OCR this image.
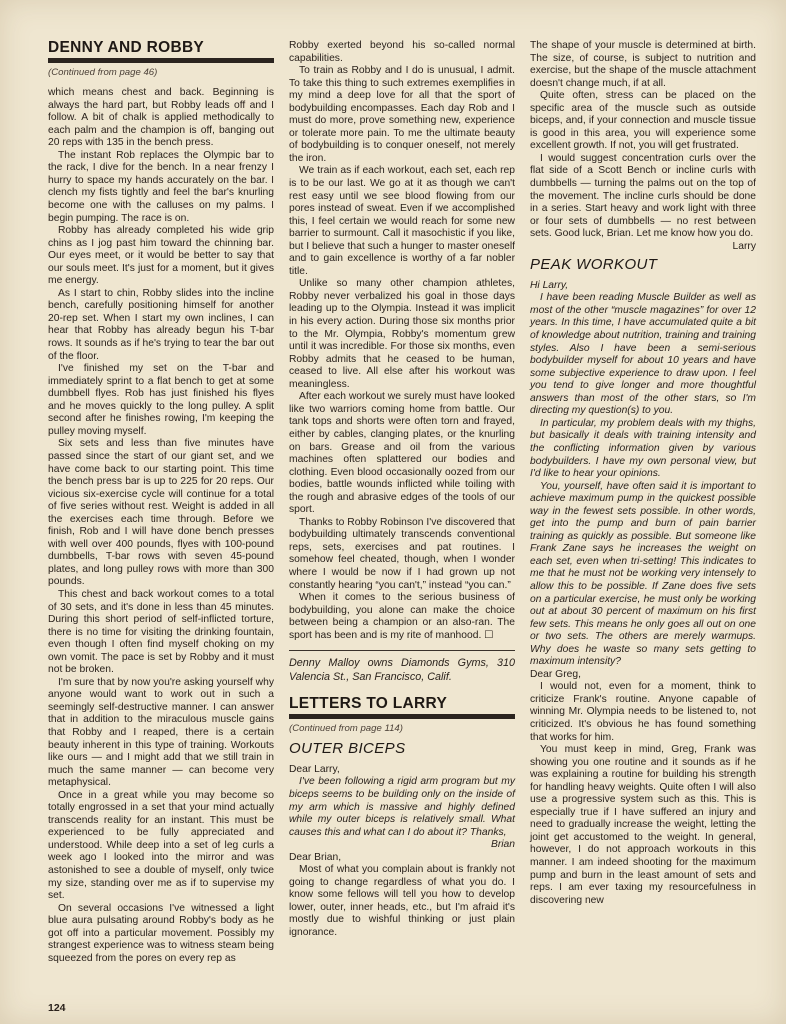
DENNY AND ROBBY
(Continued from page 46)

which means chest and back. Beginning is always the hard part, but Robby leads off and I follow. A bit of chalk is applied methodically to each palm and the champion is off, banging out 20 reps with 135 in the bench press.

The instant Rob replaces the Olympic bar to the rack, I dive for the bench. In a near frenzy I hurry to space my hands accurately on the bar. I clench my fists tightly and feel the bar's knurling become one with the calluses on my palms. I begin pumping. The race is on.

Robby has already completed his wide grip chins as I jog past him toward the chinning bar. Our eyes meet, or it would be better to say that our souls meet. It's just for a moment, but it gives me energy.

As I start to chin, Robby slides into the incline bench, carefully positioning himself for another 20-rep set. When I start my own inclines, I can hear that Robby has already begun his T-bar rows. It sounds as if he's trying to tear the bar out of the floor.

I've finished my set on the T-bar and immediately sprint to a flat bench to get at some dumbbell flyes. Rob has just finished his flyes and he moves quickly to the long pulley. A split second after he finishes rowing, I'm keeping the pulley moving myself.

Six sets and less than five minutes have passed since the start of our giant set, and we have come back to our starting point. This time the bench press bar is up to 225 for 20 reps. Our vicious six-exercise cycle will continue for a total of five series without rest. Weight is added in all the exercises each time through. Before we finish, Rob and I will have done bench presses with well over 400 pounds, flyes with 100-pound dumbbells, T-bar rows with seven 45-pound plates, and long pulley rows with more than 300 pounds.

This chest and back workout comes to a total of 30 sets, and it's done in less than 45 minutes. During this short period of self-inflicted torture, there is no time for visiting the drinking fountain, even though I often find myself choking on my own vomit. The pace is set by Robby and it must not be broken.

I'm sure that by now you're asking yourself why anyone would want to work out in such a seemingly self-destructive manner. I can answer that in addition to the miraculous muscle gains that Robby and I reaped, there is a certain beauty inherent in this type of training. Workouts like ours — and I might add that we still train in much the same manner — can become very metaphysical.

Once in a great while you may become so totally engrossed in a set that your mind actually transcends reality for an instant. This must be experienced to be fully appreciated and understood. While deep into a set of leg curls a week ago I looked into the mirror and was astonished to see a double of myself, only twice my size, standing over me as if to supervise my set.

On several occasions I've witnessed a light blue aura pulsating around Robby's body as he got off into a particular movement. Possibly my strangest experience was to witness steam being squeezed from the pores on every rep as

Robby exerted beyond his so-called normal capabilities.

To train as Robby and I do is unusual, I admit. To take this thing to such extremes exemplifies in my mind a deep love for all that the sport of bodybuilding encompasses. Each day Rob and I must do more, prove something new, experience or tolerate more pain. To me the ultimate beauty of bodybuilding is to conquer oneself, not merely the iron.

We train as if each workout, each set, each rep is to be our last. We go at it as though we can't rest easy until we see blood flowing from our pores instead of sweat. Even if we accomplished this, I feel certain we would reach for some new barrier to surmount. Call it masochistic if you like, but I believe that such a hunger to master oneself and to gain excellence is worthy of a far nobler title.

Unlike so many other champion athletes, Robby never verbalized his goal in those days leading up to the Olympia. Instead it was implicit in his every action. During those six months prior to the Mr. Olympia, Robby's momentum grew until it was incredible. For those six months, even Robby admits that he ceased to be human, ceased to live. All else after his workout was meaningless.

After each workout we surely must have looked like two warriors coming home from battle. Our tank tops and shorts were often torn and frayed, either by cables, clanging plates, or the knurling on bars. Grease and oil from the various machines often splattered our bodies and clothing. Even blood occasionally oozed from our bodies, battle wounds inflicted while toiling with the rough and abrasive edges of the tools of our sport.

Thanks to Robby Robinson I've discovered that bodybuilding ultimately transcends conventional reps, sets, exercises and pat routines. I somehow feel cheated, though, when I wonder where I would be now if I had grown up not constantly hearing “you can't,” instead “you can.”

When it comes to the serious business of bodybuilding, you alone can make the choice between being a champion or an also-ran. The sport has been and is my rite of manhood. ☐

Denny Malloy owns Diamonds Gyms, 310 Valencia St., San Francisco, Calif.
LETTERS TO LARRY
(Continued from page 114)
OUTER BICEPS

Dear Larry,

I've been following a rigid arm program but my biceps seems to be building only on the inside of my arm which is massive and highly defined while my outer biceps is relatively small. What causes this and what can I do about it? Thanks,

Brian

Dear Brian,

Most of what you complain about is frankly not going to change regardless of what you do. I know some fellows will tell you how to develop lower, outer, inner heads, etc., but I'm afraid it's mostly due to wishful thinking or just plain ignorance.

The shape of your muscle is determined at birth. The size, of course, is subject to nutrition and exercise, but the shape of the muscle attachment doesn't change much, if at all.

Quite often, stress can be placed on the specific area of the muscle such as outside biceps, and, if your connection and muscle tissue is good in this area, you will experience some excellent growth. If not, you will get frustrated.

I would suggest concentration curls over the flat side of a Scott Bench or incline curls with dumbbells — turning the palms out on the top of the movement. The incline curls should be done in a series. Start heavy and work light with three or four sets of dumbbells — no rest between sets. Good luck, Brian. Let me know how you do.

Larry

PEAK WORKOUT

Hi Larry,

I have been reading Muscle Builder as well as most of the other “muscle magazines” for over 12 years. In this time, I have accumulated quite a bit of knowledge about nutrition, training and training styles. Also I have been a semi-serious bodybuilder myself for about 10 years and have some subjective experience to draw upon. I feel you tend to give longer and more thoughtful answers than most of the other stars, so I'm directing my question(s) to you.

In particular, my problem deals with my thighs, but basically it deals with training intensity and the conflicting information given by various bodybuilders. I have my own personal view, but I'd like to hear your opinions.

You, yourself, have often said it is important to achieve maximum pump in the quickest possible way in the fewest sets possible. In other words, get into the pump and burn of pain barrier training as quickly as possible. But someone like Frank Zane says he increases the weight on each set, even when tri-setting! This indicates to me that he must not be working very intensely to allow this to be possible. If Zane does five sets on a particular exercise, he must only be working out at about 30 percent of maximum on his first few sets. This means he only goes all out on one or two sets. The others are merely warmups. Why does he waste so many sets getting to maximum intensity?

Dear Greg,

I would not, even for a moment, think to criticize Frank's routine. Anyone capable of winning Mr. Olympia needs to be listened to, not criticized. It's obvious he has found something that works for him.

You must keep in mind, Greg, Frank was showing you one routine and it sounds as if he was explaining a routine for building his strength for handling heavy weights. Quite often I will also use a progressive system such as this. This is especially true if I have suffered an injury and need to gradually increase the weight, letting the joint get accustomed to the weight. In general, however, I do not approach workouts in this manner. I am indeed shooting for the maximum pump and burn in the least amount of sets and reps. I am ever taxing my resourcefulness in discovering new

124
